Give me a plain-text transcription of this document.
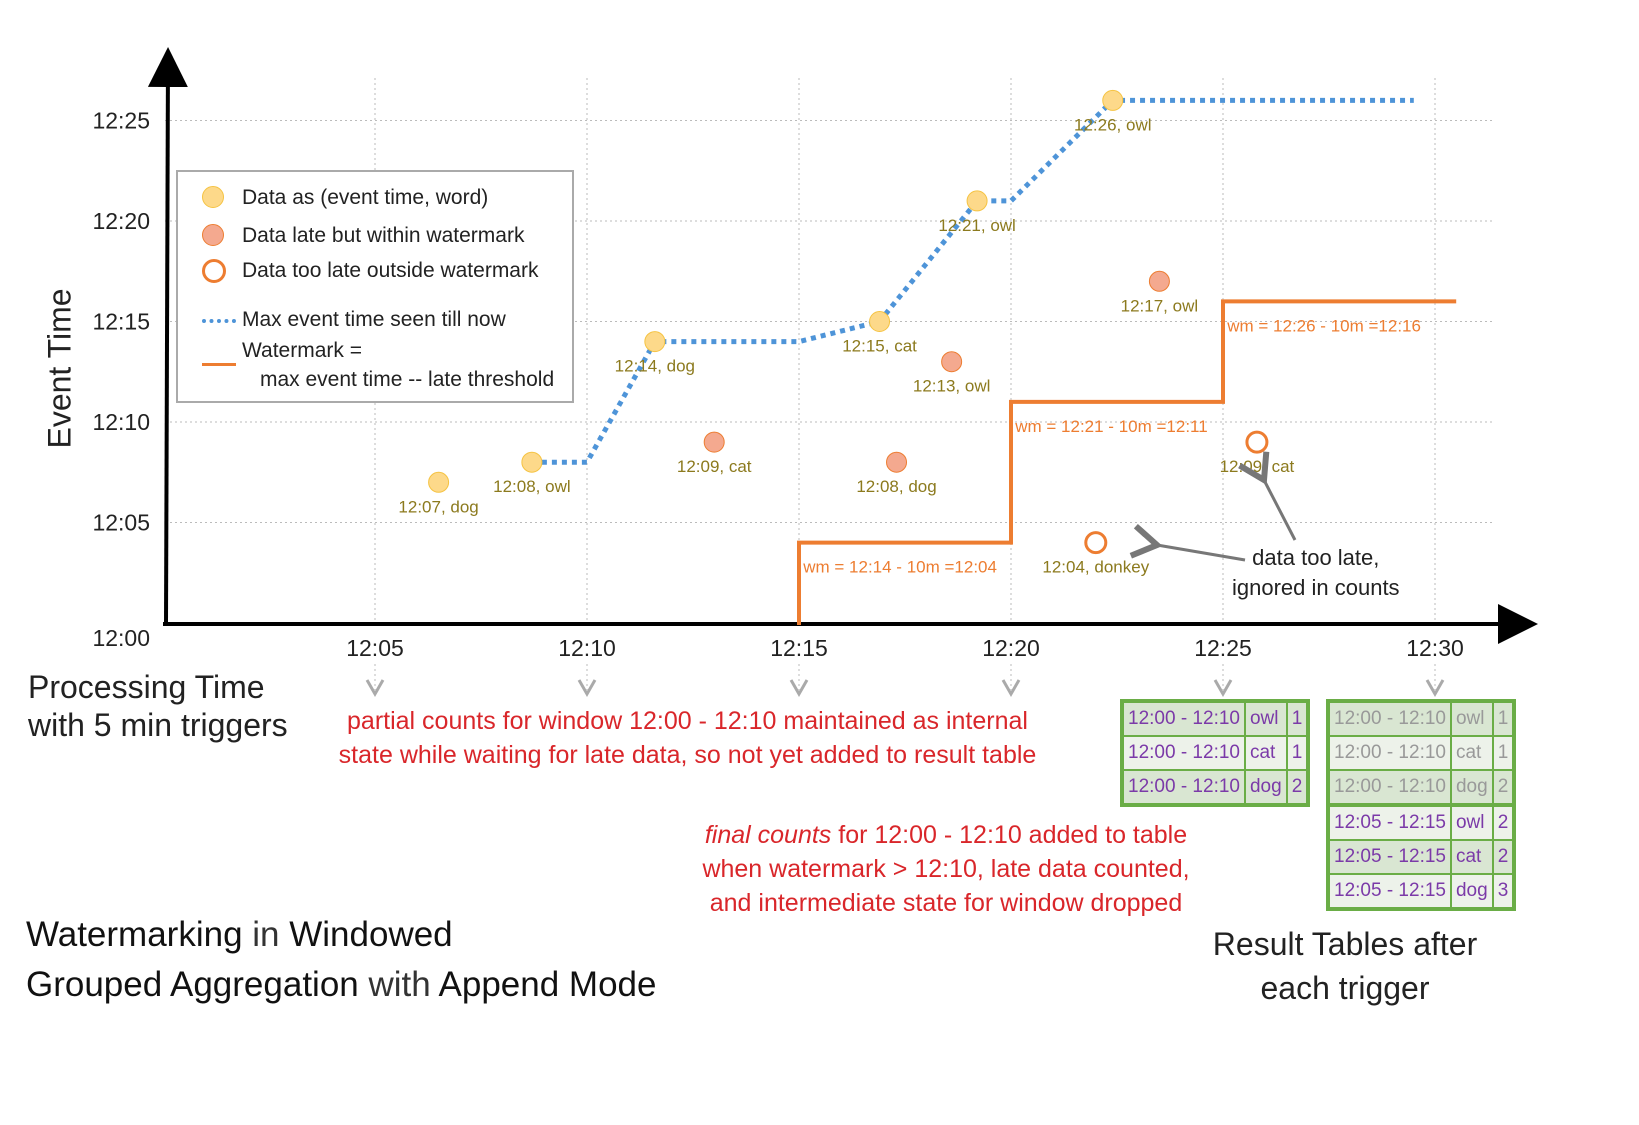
12:05	12:10	12:15	12:20	12:25	12:30
12:00
12:05
12:10
12:15
12:20
12:25
wm = 12:14 - 10m =12:04
wm = 12:21 - 10m =12:11
wm = 12:26 - 10m =12:16
12:07, dog
12:08, owl
12:14, dog
12:09, cat
12:15, cat
12:08, dog
12:13, owl
12:21, owl
12:04, donkey
12:26, owl
12:17, owl
12:09, cat
Data as (event time, word)
Data late but within watermark
Data too late outside watermark
Max event time seen till now
Watermark =
max event time -- late threshold
Processing Time
with 5 min triggers
Event Time
data too late,
ignored in counts
partial counts for window 12:00 - 12:10 maintained as internal
state while waiting for late data, so not yet added to result table
final counts for 12:00 - 12:10 added to table
when watermark > 12:10, late data counted,
and intermediate state for window dropped
Watermarking in Windowed
Grouped Aggregation with Append Mode
Result Tables after
each trigger
12:00 - 12:10	owl	1
12:00 - 12:10	cat	1
12:00 - 12:10	dog	2
12:00 - 12:10	owl	1
12:00 - 12:10	cat	1
12:00 - 12:10	dog	2
12:05 - 12:15	owl	2
12:05 - 12:15	cat	2
12:05 - 12:15	dog	3
